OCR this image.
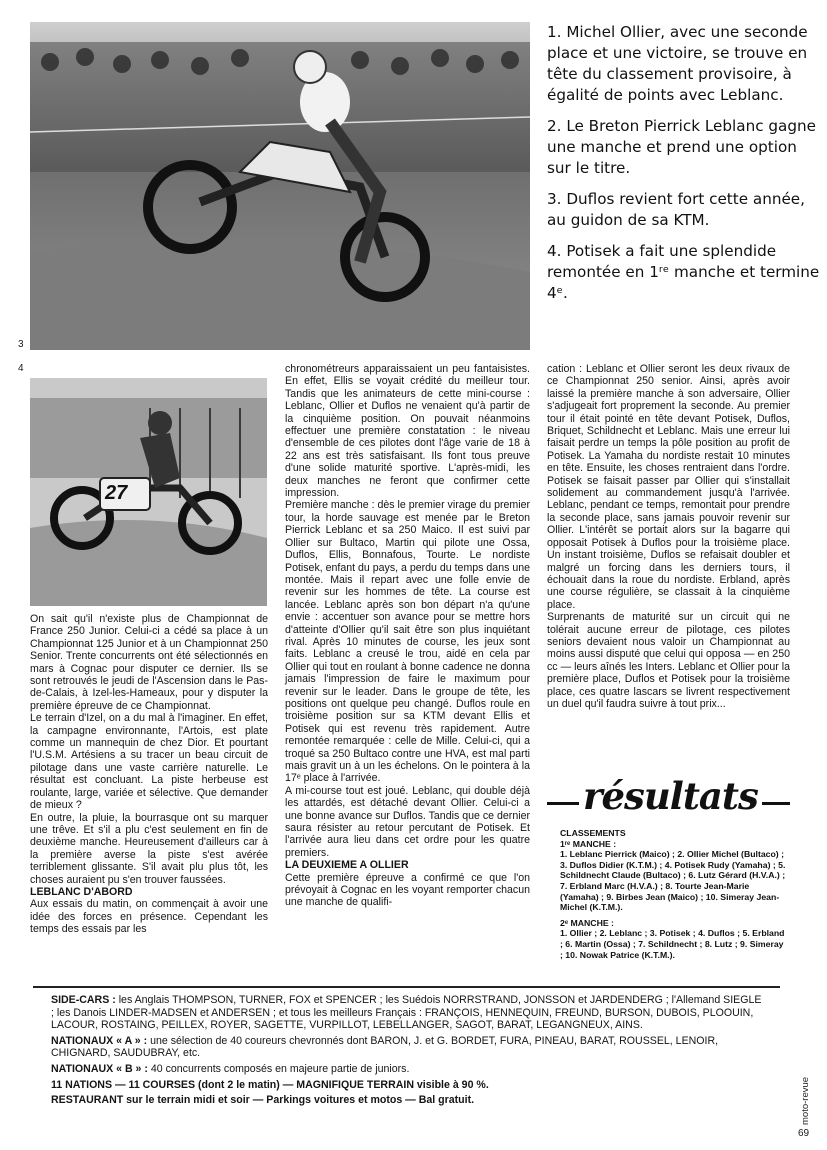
3
4

1. Michel Ollier, avec une seconde place et une victoire, se trouve en tête du classement provisoire, à égalité de points avec Leblanc.

2. Le Breton Pierrick Leblanc gagne une manche et prend une option sur le titre.

3. Duflos revient fort cette année, au guidon de sa KTM.

4. Potisek a fait une splendide remontée en 1ʳᵉ manche et termine 4ᵉ.

27

On sait qu'il n'existe plus de Championnat de France 250 Junior. Celui-ci a cédé sa place à un Championnat 125 Junior et à un Championnat 250 Senior. Trente concurrents ont été sélectionnés en mars à Cognac pour disputer ce dernier. Ils se sont retrouvés le jeudi de l'Ascension dans le Pas-de-Calais, à Izel-les-Hameaux, pour y disputer la première épreuve de ce Championnat.

Le terrain d'Izel, on a du mal à l'imaginer. En effet, la campagne environnante, l'Artois, est plate comme un mannequin de chez Dior. Et pourtant l'U.S.M. Artésiens a su tracer un beau circuit de pilotage dans une vaste carrière naturelle. Le résultat est concluant. La piste herbeuse est roulante, large, variée et sélective. Que demander de mieux ?

En outre, la pluie, la bourrasque ont su marquer une trêve. Et s'il a plu c'est seulement en fin de deuxième manche. Heureusement d'ailleurs car à la première averse la piste s'est avérée terriblement glissante. S'il avait plu plus tôt, les choses auraient pu s'en trouver faussées.

LEBLANC D'ABORD

Aux essais du matin, on commençait à avoir une idée des forces en présence. Cependant les temps des essais par les

chronométreurs apparaissaient un peu fantaisistes. En effet, Ellis se voyait crédité du meilleur tour. Tandis que les animateurs de cette mini-course : Leblanc, Ollier et Duflos ne venaient qu'à partir de la cinquième position. On pouvait néanmoins effectuer une première constatation : le niveau d'ensemble de ces pilotes dont l'âge varie de 18 à 22 ans est très satisfaisant. Ils font tous preuve d'une solide maturité sportive. L'après-midi, les deux manches ne feront que confirmer cette impression.

Première manche : dès le premier virage du premier tour, la horde sauvage est menée par le Breton Pierrick Leblanc et sa 250 Maico. Il est suivi par Ollier sur Bultaco, Martin qui pilote une Ossa, Duflos, Ellis, Bonnafous, Tourte. Le nordiste Potisek, enfant du pays, a perdu du temps dans une montée. Mais il repart avec une folle envie de revenir sur les hommes de tête. La course est lancée. Leblanc après son bon départ n'a qu'une envie : accentuer son avance pour se mettre hors d'atteinte d'Ollier qu'il sait être son plus inquiétant rival. Après 10 minutes de course, les jeux sont faits. Leblanc a creusé le trou, aidé en cela par Ollier qui tout en roulant à bonne cadence ne donna jamais l'impression de faire le maximum pour revenir sur le leader. Dans le groupe de tête, les positions ont quelque peu changé. Duflos roule en troisième position sur sa KTM devant Ellis et Potisek qui est revenu très rapidement. Autre remontée remarquée : celle de Mille. Celui-ci, qui a troqué sa 250 Bultaco contre une HVA, est mal parti mais gravit un à un les échelons. On le pointera à la 17ᵉ place à l'arrivée.

A mi-course tout est joué. Leblanc, qui double déjà les attardés, est détaché devant Ollier. Celui-ci a une bonne avance sur Duflos. Tandis que ce dernier saura résister au retour percutant de Potisek. Et l'arrivée aura lieu dans cet ordre pour les quatre premiers.

LA DEUXIEME A OLLIER

Cette première épreuve a confirmé ce que l'on prévoyait à Cognac en les voyant remporter chacun une manche de qualifi-

cation : Leblanc et Ollier seront les deux rivaux de ce Championnat 250 senior. Ainsi, après avoir laissé la première manche à son adversaire, Ollier s'adjugeait fort proprement la seconde. Au premier tour il était pointé en tête devant Potisek, Duflos, Briquet, Schildnecht et Leblanc. Mais une erreur lui faisait perdre un temps la pôle position au profit de Potisek. La Yamaha du nordiste restait 10 minutes en tête. Ensuite, les choses rentraient dans l'ordre. Potisek se faisait passer par Ollier qui s'installait solidement au commandement jusqu'à l'arrivée. Leblanc, pendant ce temps, remontait pour prendre la seconde place, sans jamais pouvoir revenir sur Ollier. L'intérêt se portait alors sur la bagarre qui opposait Potisek à Duflos pour la troisième place. Un instant troisième, Duflos se refaisait doubler et malgré un forcing dans les derniers tours, il échouait dans la roue du nordiste. Erbland, après une course régulière, se classait à la cinquième place.

Surprenants de maturité sur un circuit qui ne tolérait aucune erreur de pilotage, ces pilotes seniors devaient nous valoir un Championnat au moins aussi disputé que celui qui opposa — en 250 cc — leurs aînés les Inters. Leblanc et Ollier pour la première place, Duflos et Potisek pour la troisième place, ces quatre lascars se livrent respectivement un duel qu'il faudra suivre à tout prix...

résultats

CLASSEMENTS

1ʳᵉ MANCHE :

1. Leblanc Pierrick (Maico) ; 2. Ollier Michel (Bultaco) ; 3. Duflos Didier (K.T.M.) ; 4. Potisek Rudy (Yamaha) ; 5. Schildnecht Claude (Bultaco) ; 6. Lutz Gérard (H.V.A.) ; 7. Erbland Marc (H.V.A.) ; 8. Tourte Jean-Marie (Yamaha) ; 9. Birbes Jean (Maico) ; 10. Simeray Jean-Michel (K.T.M.).

2ᵉ MANCHE :

1. Ollier ; 2. Leblanc ; 3. Potisek ; 4. Duflos ; 5. Erbland ; 6. Martin (Ossa) ; 7. Schildnecht ; 8. Lutz ; 9. Simeray ; 10. Nowak Patrice (K.T.M.).

SIDE-CARS : les Anglais THOMPSON, TURNER, FOX et SPENCER ; les Suédois NORRSTRAND, JONSSON et JARDENDERG ; l'Allemand SIEGLE ; les Danois LINDER-MADSEN et ANDERSEN ; et tous les meilleurs Français : FRANÇOIS, HENNEQUIN, FREUND, BURSON, DUBOIS, PLOOUIN, LACOUR, ROSTAING, PEILLEX, ROYER, SAGETTE, VURPILLOT, LEBELLANGER, SAGOT, BARAT, LEGANGNEUX, AINS.

NATIONAUX « A » : une sélection de 40 coureurs chevronnés dont BARON, J. et G. BORDET, FURA, PINEAU, BARAT, ROUSSEL, LENOIR, CHIGNARD, SAUDUBRAY, etc.

NATIONAUX « B » : 40 concurrents composés en majeure partie de juniors.

11 NATIONS — 11 COURSES (dont 2 le matin) — MAGNIFIQUE TERRAIN visible à 90 %.

RESTAURANT sur le terrain midi et soir — Parkings voitures et motos — Bal gratuit.	moto-revue
69
